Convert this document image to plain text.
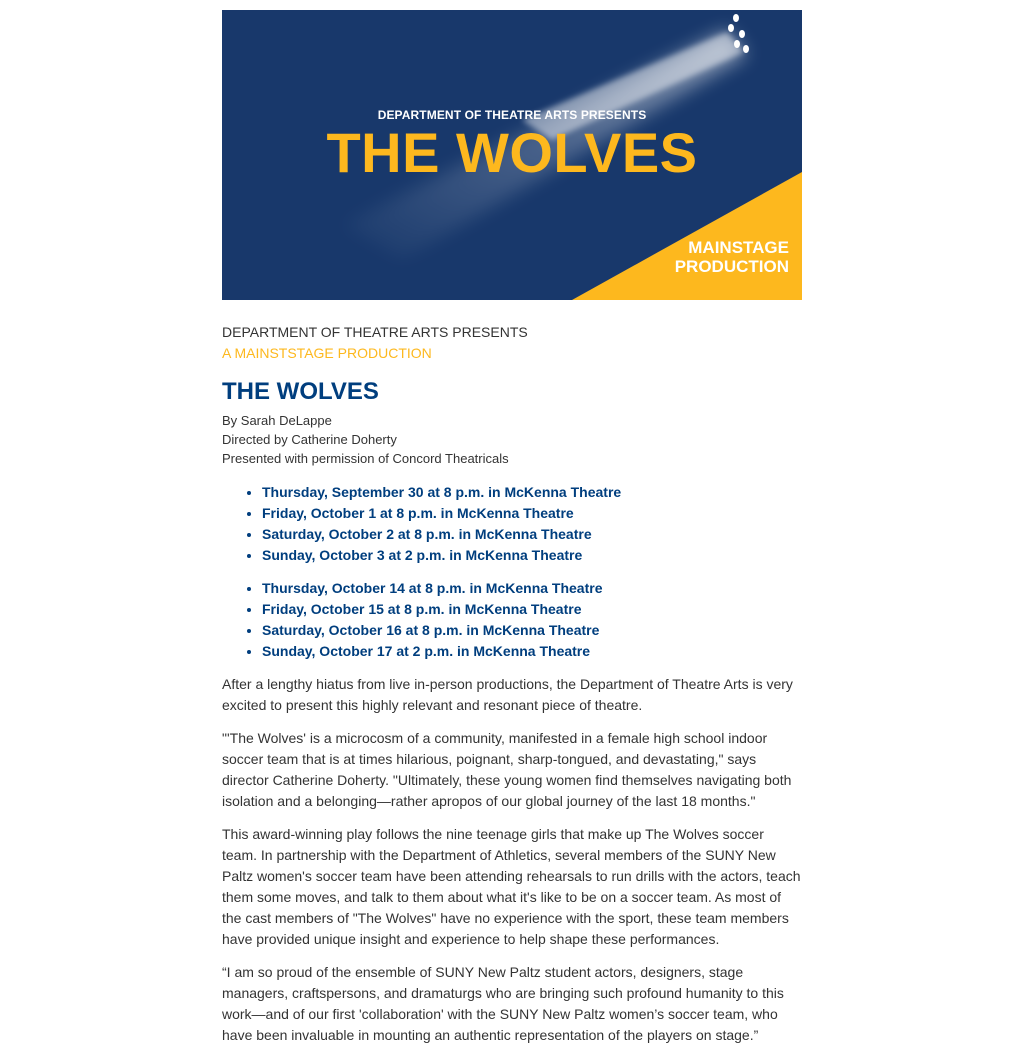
DEPARTMENT OF THEATRE ARTS PRESENTS
THE WOLVES
MAINSTAGE
PRODUCTION
DEPARTMENT OF THEATRE ARTS PRESENTS
A MAINSTSTAGE PRODUCTION
THE WOLVES
By Sarah DeLappe
Directed by Catherine Doherty
Presented with permission of Concord Theatricals
• Thursday, September 30 at 8 p.m. in McKenna Theatre
• Friday, October 1 at 8 p.m. in McKenna Theatre
• Saturday, October 2 at 8 p.m. in McKenna Theatre
• Sunday, October 3 at 2 p.m. in McKenna Theatre
• Thursday, October 14 at 8 p.m. in McKenna Theatre
• Friday, October 15 at 8 p.m. in McKenna Theatre
• Saturday, October 16 at 8 p.m. in McKenna Theatre
• Sunday, October 17 at 2 p.m. in McKenna Theatre

After a lengthy hiatus from live in-person productions, the Department of Theatre Arts is very excited to present this highly relevant and resonant piece of theatre.

"'The Wolves' is a microcosm of a community, manifested in a female high school indoor soccer team that is at times hilarious, poignant, sharp-tongued, and devastating," says director Catherine Doherty. "Ultimately, these young women find themselves navigating both isolation and a belonging—rather apropos of our global journey of the last 18 months."

This award-winning play follows the nine teenage girls that make up The Wolves soccer team. In partnership with the Department of Athletics, several members of the SUNY New Paltz women's soccer team have been attending rehearsals to run drills with the actors, teach them some moves, and talk to them about what it's like to be on a soccer team. As most of the cast members of "The Wolves" have no experience with the sport, these team members have provided unique insight and experience to help shape these performances.

“I am so proud of the ensemble of SUNY New Paltz student actors, designers, stage managers, craftspersons, and dramaturgs who are bringing such profound humanity to this work—and of our first 'collaboration' with the SUNY New Paltz women’s soccer team, who have been invaluable in mounting an authentic representation of the players on stage.”
